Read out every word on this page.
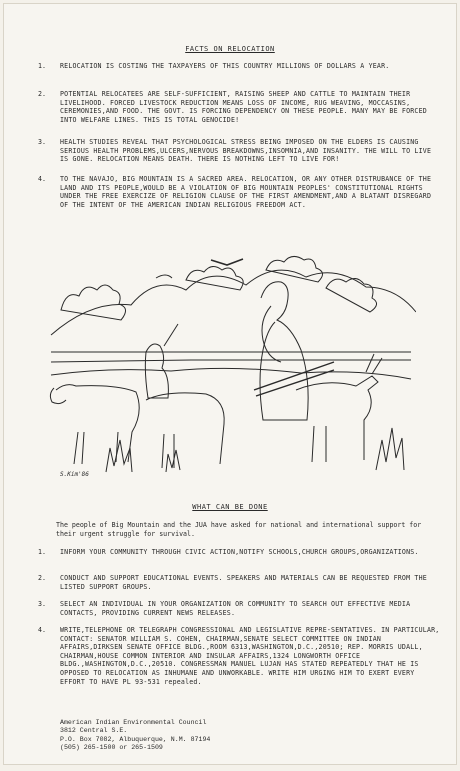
FACTS ON RELOCATION
1. RELOCATION IS COSTING THE TAXPAYERS OF THIS COUNTRY MILLIONS OF DOLLARS A YEAR.
2. POTENTIAL RELOCATEES ARE SELF-SUFFICIENT, RAISING SHEEP AND CATTLE TO MAINTAIN THEIR LIVELIHOOD. FORCED LIVESTOCK REDUCTION MEANS LOSS OF INCOME, RUG WEAVING, MOCCASINS, CEREMONIES,AND FOOD. THE GOVT. IS FORCING DEPENDENCY ON THESE PEOPLE. MANY MAY BE FORCED INTO WELFARE LINES. THIS IS TOTAL GENOCIDE!
3. HEALTH STUDIES REVEAL THAT PSYCHOLOGICAL STRESS BEING IMPOSED ON THE ELDERS IS CAUSING SERIOUS HEALTH PROBLEMS,ULCERS,NERVOUS BREAKDOWNS,INSOMNIA,AND INSANITY. THE WILL TO LIVE IS GONE. RELOCATION MEANS DEATH. THERE IS NOTHING LEFT TO LIVE FOR!
4. TO THE NAVAJO, BIG MOUNTAIN IS A SACRED AREA. RELOCATION, OR ANY OTHER DISTRUBANCE OF THE LAND AND ITS PEOPLE,WOULD BE A VIOLATION OF BIG MOUNTAIN PEOPLES' CONSTITUTIONAL RIGHTS UNDER THE FREE EXERCIZE OF RELIGION CLAUSE OF THE FIRST AMENDMENT,AND A BLATANT DISREGARD OF THE INTENT OF THE AMERICAN INDIAN RELIGIOUS FREEDOM ACT.
S.Kim'86
WHAT CAN BE DONE
The people of Big Mountain and the JUA have asked for national and international support for their urgent struggle for survival.
1. INFORM YOUR COMMUNITY THROUGH CIVIC ACTION,NOTIFY SCHOOLS,CHURCH GROUPS,ORGANIZATIONS.
2. CONDUCT AND SUPPORT EDUCATIONAL EVENTS. SPEAKERS AND MATERIALS CAN BE REQUESTED FROM THE LISTED SUPPORT GROUPS.
3. SELECT AN INDIVIDUAL IN YOUR ORGANIZATION OR COMMUNITY TO SEARCH OUT EFFECTIVE MEDIA CONTACTS, PROVIDING CURRENT NEWS RELEASES.
4. WRITE,TELEPHONE OR TELEGRAPH CONGRESSIONAL AND LEGISLATIVE REPRE-SENTATIVES. IN PARTICULAR, CONTACT: SENATOR WILLIAM S. COHEN, CHAIRMAN,SENATE SELECT COMMITTEE ON INDIAN AFFAIRS,DIRKSEN SENATE OFFICE BLDG.,ROOM 6313,WASHINGTON,D.C.,20510; REP. MORRIS UDALL, CHAIRMAN,HOUSE COMMON INTERIOR AND INSULAR AFFAIRS,1324 LONGWORTH OFFICE BLDG.,WASHINGTON,D.C.,20510. CONGRESSMAN MANUEL LUJAN HAS STATED REPEATEDLY THAT HE IS OPPOSED TO RELOCATION AS INHUMANE AND UNWORKABLE. WRITE HIM URGING HIM TO EXERT EVERY EFFORT TO HAVE PL 93-531 repealed.
American Indian Environmental Council
3812 Central S.E.
P.O. Box 7082, Albuquerque, N.M. 87194
(505) 265-1500 or 265-1509
